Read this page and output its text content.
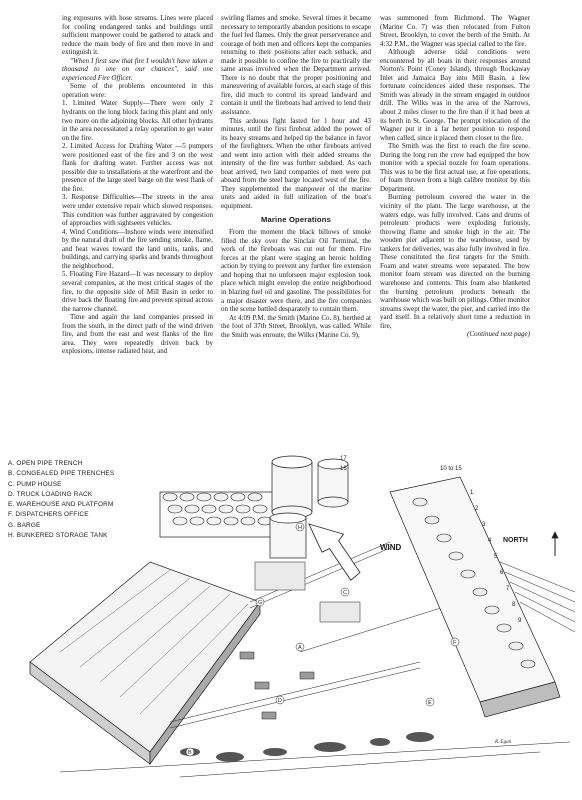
ing exposures with hose streams. Lines were placed for cooling endangered tanks and buildings until sufficient manpower could be gathered to attack and reduce the main body of fire and then move in and extinguish it.

"When I first saw that fire I wouldn't have taken a thousand to one on our chances", said one experienced Fire Officer.

Some of the problems encountered in this operation were:

1. Limited Water Supply—There were only 2 hydrants on the long block facing this plant and only two more on the adjoining blocks. All other hydrants in the area necessitated a relay operation to get water on the fire.

2. Limited Access for Drafting Water —5 pumpers were positioned east of the fire and 3 on the west flank for drafting water. Further access was not possible due to installations at the waterfront and the presence of the large steel barge on the west flank of the fire.

3. Response Difficulties—The streets in the area were under extensive repair which slowed responses. This condition was further aggravated by congestion of approaches with sightseers vehicles.

4. Wind Conditions—Inshore winds were intensified by the natural draft of the fire sending smoke, flame, and heat waves toward the land units, tanks, and buildings, and carrying sparks and brands throughout the neighborhood.

5. Floating Fire Hazard—It was necessary to deploy several companies, at the most critical stages of the fire, to the opposite side of Mill Basin in order to drive back the floating fire and prevent spread across the narrow channel.

Time and again the land companies pressed in from the south, in the direct path of the wind driven fire, and from the east and west flanks of the fire area. They were repeatedly driven back by explosions, intense radiated heat, and

swirling flames and smoke. Several times it became necessary to temporarily abandon positions to escape the fuel fed flames. Only the great perserverance and courage of both men and officers kept the companies returning to their positions after each setback, and made it possible to confine the fire to practically the same areas involved when the Department arrived. There is no doubt that the proper positioning and maneuvering of available forces, at each stage of this fire, did much to control its spread landward and contain it until the fireboats had arrived to lend their assistance.

This arduous fight lasted for 1 hour and 43 minutes, until the first fireboat added the power of its heavy streams and helped tip the balance in favor of the firefighters. When the other fireboats arrived and went into action with their added streams the intensity of the fire was further subdued. As each boat arrived, two land companies of men were put aboard from the steel barge located west of the fire. They supplemented the manpower of the marine units and aided in full utilization of the boat's equipment.

Marine Operations

From the moment the black billows of smoke filled the sky over the Sinclair Oil Terminal, the work of the fireboats was cut out for them. Fire forces at the plant were staging an heroic holding action by trying to prevent any further fire extension and hoping that no unforseen major explosion took place which might envelop the entire neighborhood in blazing fuel oil and gasoline. The possibilities for a major disaster were there, and the fire companies on the scene battled desparately to contain them.

At 4:09 P.M. the Smith (Marine Co. 8), berthed at the foot of 37th Street, Brooklyn, was called. While the Smith was enroute, the Wilks (Marine Co. 9),

was summoned from Richmond. The Wagner (Marine Co. 7) was then relocated from Fulton Street, Brooklyn, to cover the berth of the Smith. At 4:32 P.M., the Wagner was special called to the fire.

Although adverse tidal conditions were encountered by all boats in their responses around Norton's Point (Coney Island), through Rockaway Inlet and Jamaica Bay into Mill Basin, a few fortunate coincidences aided these responses. The Smith was already in the stream engaged in outdoor drill. The Wilks was in the area of the Narrows, about 2 miles closer to the fire than if it had been at its berth in St. George. The prompt relocation of the Wagner put it in a far better position to respond when called, since it placed them closer to the fire.

The Smith was the first to reach the fire scene. During the long run the crew had equipped the bow monitor with a special nozzle for foam operations. This was to be the first actual use, at fire operations, of foam thrown from a high calibre monitor by this Department.

Burning petroleum covered the water in the vicinity of the plant. The large warehouse, at the waters edge, was fully involved. Cans and drums of petroleum products were exploding furiously, throwing flame and smoke high in the air. The wooden pier adjacent to the warehouse, used by tankers for deliveries, was also fully involved in fire. These constituted the first targets for the Smith. Foam and water streams were separated. The bow monitor foam stream was directed on the burning warehouse and contents. This foam also blanketed the burning petroleum products beneath the warehouse which was built on pilings. Other monitor streams swept the water, the pier, and carried into the yard itself. In a relatively short time a reduction in fire,

(Continued next page)
WIND
NORTH
17
16	10 to 15
1
2
3
4
5
6
7
8
9
A
B
C
D	E
F
G
H
A. OPEN PIPE TRENCH
B. CONGEALED PIPE TRENCHES
C. PUMP HOUSE
D. TRUCK LOADING RACK
E. WAREHOUSE AND PLATFORM
F. DISPATCHERS OFFICE
G. BARGE
H. BUNKERED STORAGE TANK
R. Egan
